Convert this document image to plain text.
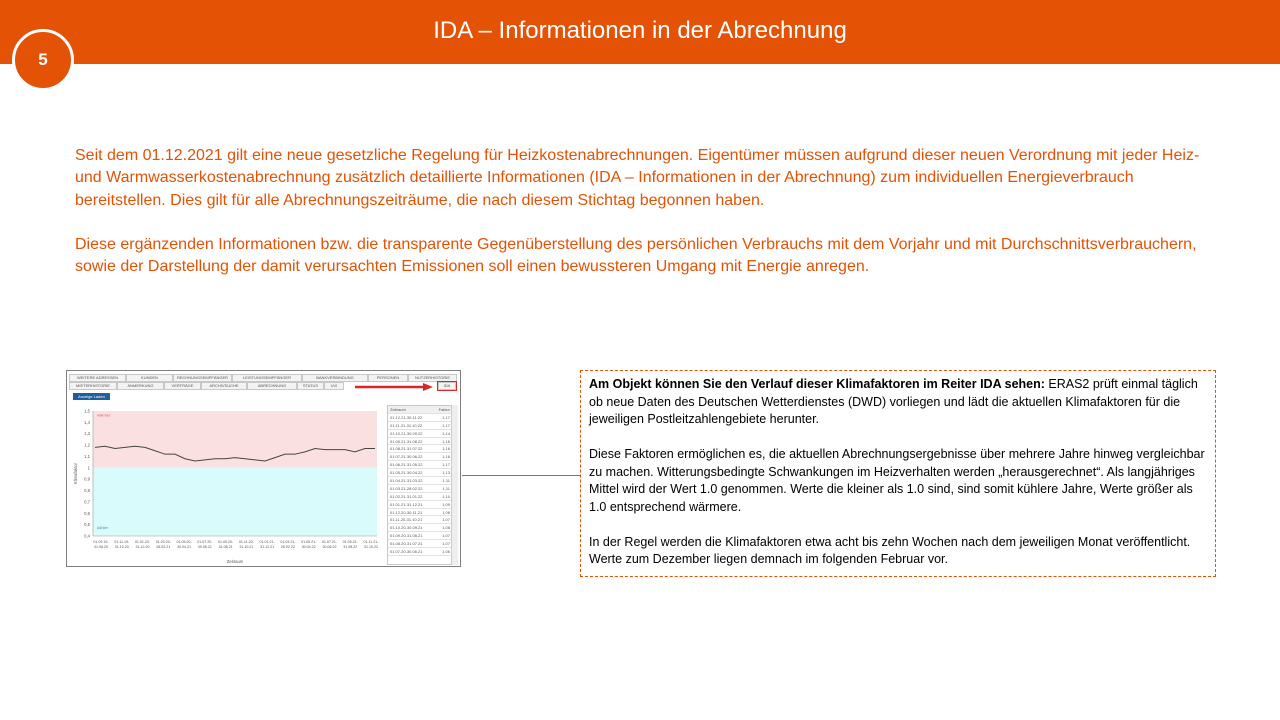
IDA – Informationen in der Abrechnung
5

Seit dem 01.12.2021 gilt eine neue gesetzliche Regelung für Heizkostenabrechnungen. Eigentümer müssen aufgrund dieser neuen Verordnung mit jeder Heiz- und Warmwasserkostenabrechnung zusätzlich detaillierte Informationen (IDA – Informationen in der Abrechnung) zum individuellen Energieverbrauch bereitstellen. Dies gilt für alle Abrechnungszeiträume, die nach diesem Stichtag begonnen haben.

Diese ergänzenden Informationen bzw. die transparente Gegenüberstellung des persönlichen Verbrauchs mit dem Vorjahr und mit Durchschnittsverbrauchern, sowie der Darstellung der damit verursachten Emissionen soll einen bewussteren Umgang mit Energie anregen.

WEITERE ADRESSEN	KUNDEN	RECHNUNGSEMPFÄNGER	LEISTUNGSEMPFÄNGER	BANKVERBINDUNG	PERSONEN	NUTZERHISTORIE
MIETERHISTORIE	ANMERKUNG	VERTRÄGE	ARCHIVSUCHE	ABRECHNUNG	STATUS	UVI	IDA
Anzeige Laden
0,4
0,5
0,6
0,7
0,8
0,9
1
1,1
1,2
1,3
1,4
1,5
wärmer
kühler
Klimafaktor
Zeitraum
01.09.19-
31.08.20
01.11.19-
31.10.20
01.01.20-
31.12.20
01.03.20-
28.02.21
01.05.20-
30.04.21
01.07.20-
30.06.21
01.09.20-
31.08.21
01.11.20-
31.10.21
01.01.21-
31.12.21
01.03.21-
28.02.22
01.05.21-
30.04.22
01.07.21-
30.06.22
01.09.21-
31.08.22
01.11.21-
31.10.22
Zeitraum	Faktor
01.12.21-30.11.22	1,17
01.11.21-31.10.22	1,17
01.10.21-30.09.22	1,14
01.09.21-31.08.22	1,16
01.08.21-31.07.22	1,16
01.07.21-30.06.22	1,16
01.06.21-31.05.22	1,17
01.05.21-30.04.22	1,13
01.04.21-31.03.22	1,11
01.03.21-28.02.22	1,11
01.02.21-31.01.22	1,10
01.01.21-31.12.21	1,09
01.12.20-30.11.21	1,06
01.11.20-31.10.21	1,07
01.10.20-30.09.21	1,08
01.09.20-31.08.21	1,07
01.08.20-31.07.21	1,07
01.07.20-30.06.21	1,06

Am Objekt können Sie den Verlauf dieser Klimafaktoren im Reiter IDA sehen: ERAS2 prüft einmal täglich ob neue Daten des Deutschen Wetterdienstes (DWD) vorliegen und lädt die aktuellen Klimafaktoren für die jeweiligen Postleitzahlengebiete herunter.

Diese Faktoren ermöglichen es, die aktuellen Abrechnungsergebnisse über mehrere Jahre hinweg vergleichbar zu machen. Witterungsbedingte Schwankungen im Heizverhalten werden „herausgerechnet“. Als langjähriges Mittel wird der Wert 1.0 genommen. Werte die kleiner als 1.0 sind, sind somit kühlere Jahre, Werte größer als 1.0 entsprechend wärmere.

In der Regel werden die Klimafaktoren etwa acht bis zehn Wochen nach dem jeweiligen Monat veröffentlicht. Werte zum Dezember liegen demnach im folgenden Februar vor.
